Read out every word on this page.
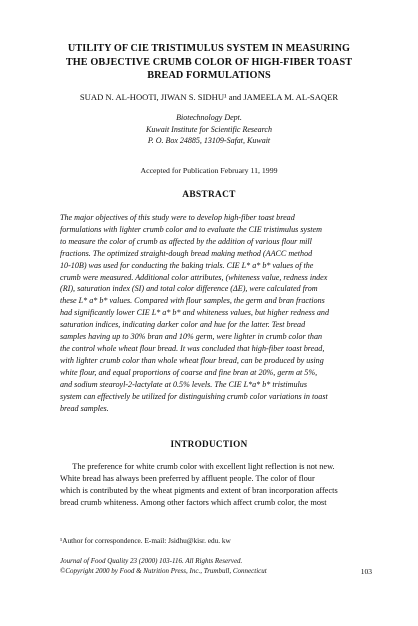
UTILITY OF CIE TRISTIMULUS SYSTEM IN MEASURING
THE OBJECTIVE CRUMB COLOR OF HIGH-FIBER TOAST
BREAD FORMULATIONS
SUAD N. AL-HOOTI, JIWAN S. SIDHU¹ and JAMEELA M. AL-SAQER
Biotechnology Dept.
Kuwait Institute for Scientific Research
P. O. Box 24885, 13109-Safat, Kuwait
Accepted for Publication February 11, 1999
ABSTRACT
The major objectives of this study were to develop high-fiber toast bread
formulations with lighter crumb color and to evaluate the CIE tristimulus system
to measure the color of crumb as affected by the addition of various flour mill
fractions. The optimized straight-dough bread making method (AACC method
10-10B) was used for conducting the baking trials. CIE L* a* b* values of the
crumb were measured. Additional color attributes, (whiteness value, redness index
(RI), saturation index (SI) and total color difference (ΔE), were calculated from
these L* a* b* values. Compared with flour samples, the germ and bran fractions
had significantly lower CIE L* a* b* and whiteness values, but higher redness and
saturation indices, indicating darker color and hue for the latter. Test bread
samples having up to 30% bran and 10% germ, were lighter in crumb color than
the control whole wheat flour bread. It was concluded that high-fiber toast bread,
with lighter crumb color than whole wheat flour bread, can be produced by using
white flour, and equal proportions of coarse and fine bran at 20%, germ at 5%,
and sodium stearoyl-2-lactylate at 0.5% levels. The CIE L*a* b* tristimulus
system can effectively be utilized for distinguishing crumb color variations in toast
bread samples.
INTRODUCTION
The preference for white crumb color with excellent light reflection is not new.
White bread has always been preferred by affluent people. The color of flour
which is contributed by the wheat pigments and extent of bran incorporation affects
bread crumb whiteness. Among other factors which affect crumb color, the most
¹Author for correspondence. E-mail: Jsidhu@kisr. edu. kw
Journal of Food Quality 23 (2000) 103-116. All Rights Reserved.
©Copyright 2000 by Food & Nutrition Press, Inc., Trumbull, Connecticut	103
